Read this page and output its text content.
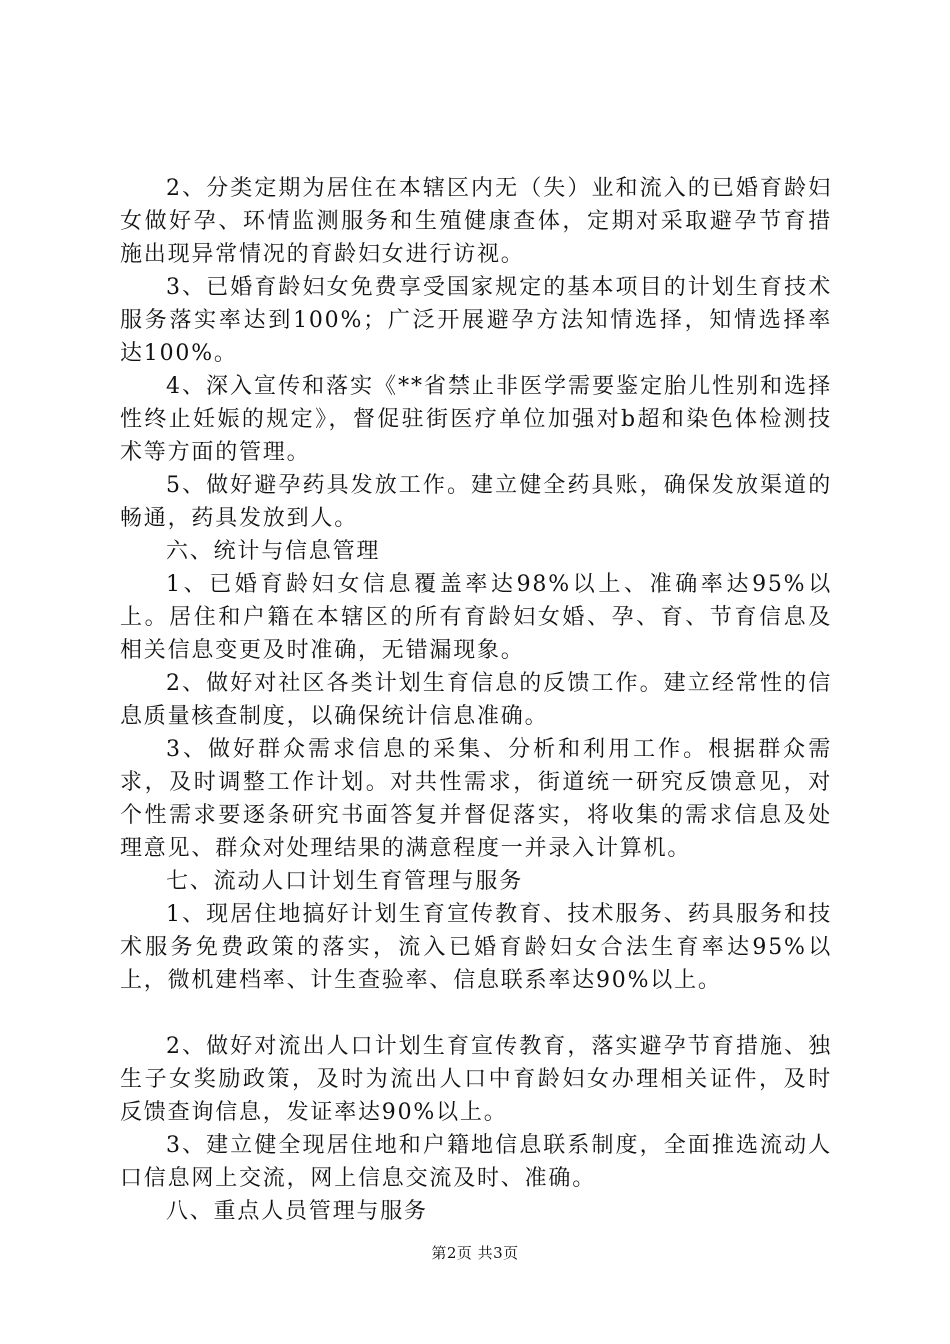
2、分类定期为居住在本辖区内无（失）业和流入的已婚育龄妇女做好孕、环情监测服务和生殖健康查体，定期对采取避孕节育措施出现异常情况的育龄妇女进行访视。

3、已婚育龄妇女免费享受国家规定的基本项目的计划生育技术服务落实率达到100%；广泛开展避孕方法知情选择，知情选择率达100%。

4、深入宣传和落实《**省禁止非医学需要鉴定胎儿性别和选择性终止妊娠的规定》，督促驻街医疗单位加强对b超和染色体检测技术等方面的管理。

5、做好避孕药具发放工作。建立健全药具账，确保发放渠道的畅通，药具发放到人。

六、统计与信息管理

1、已婚育龄妇女信息覆盖率达98%以上、准确率达95%以上。居住和户籍在本辖区的所有育龄妇女婚、孕、育、节育信息及相关信息变更及时准确，无错漏现象。

2、做好对社区各类计划生育信息的反馈工作。建立经常性的信息质量核查制度，以确保统计信息准确。

3、做好群众需求信息的采集、分析和利用工作。根据群众需求，及时调整工作计划。对共性需求，街道统一研究反馈意见，对个性需求要逐条研究书面答复并督促落实，将收集的需求信息及处理意见、群众对处理结果的满意程度一并录入计算机。

七、流动人口计划生育管理与服务

1、现居住地搞好计划生育宣传教育、技术服务、药具服务和技术服务免费政策的落实，流入已婚育龄妇女合法生育率达95%以上，微机建档率、计生查验率、信息联系率达90%以上。

2、做好对流出人口计划生育宣传教育，落实避孕节育措施、独生子女奖励政策，及时为流出人口中育龄妇女办理相关证件，及时反馈查询信息，发证率达90%以上。

3、建立健全现居住地和户籍地信息联系制度，全面推选流动人口信息网上交流，网上信息交流及时、准确。

八、重点人员管理与服务

第2页 共3页
